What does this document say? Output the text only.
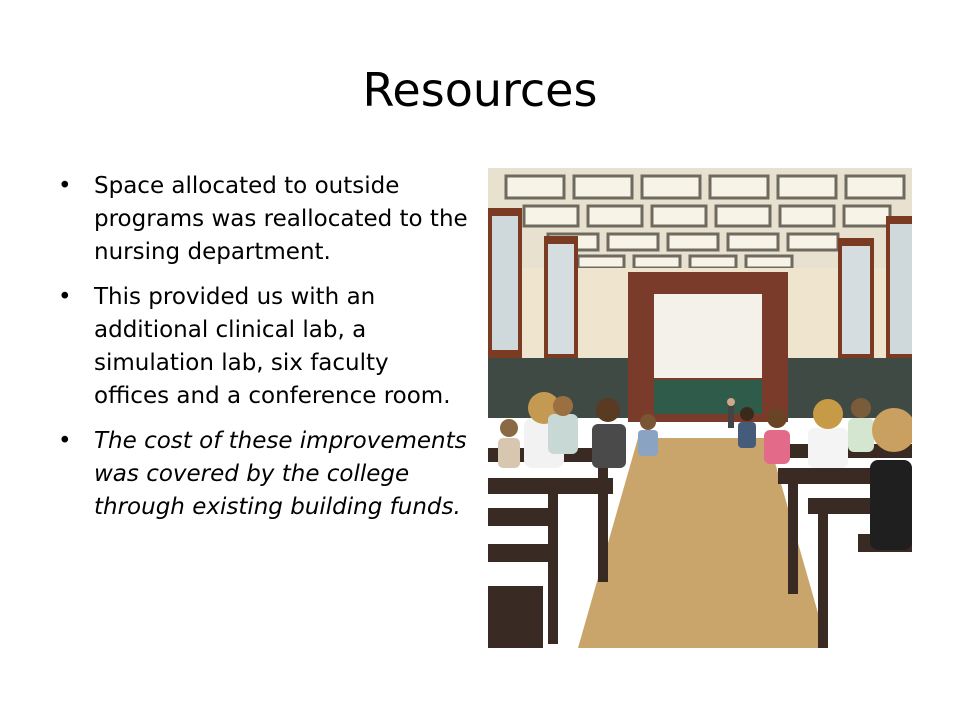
Resources
• Space allocated to outside programs was reallocated to the nursing department.
• This provided us with an additional clinical lab, a simulation lab, six faculty offices and a conference room.
• The cost of these improvements was covered by the college through existing building funds.
